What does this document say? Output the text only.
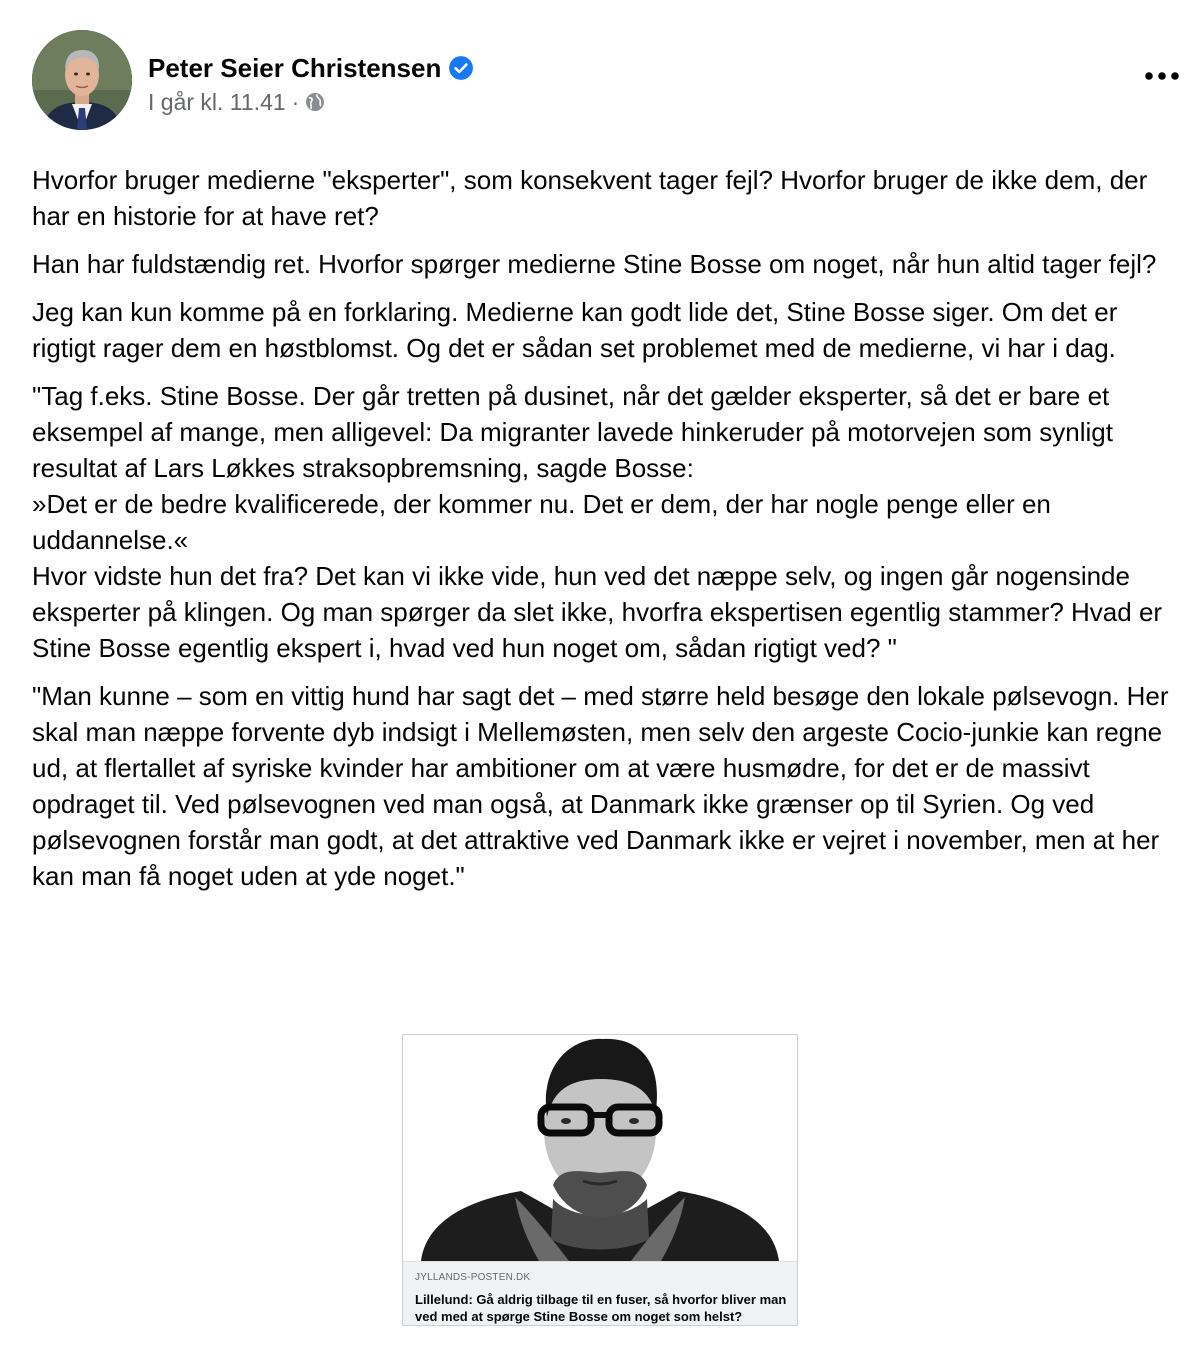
Peter Seier Christensen
I går kl. 11.41 ·

Hvorfor bruger medierne "eksperter", som konsekvent tager fejl? Hvorfor bruger de ikke dem, der har en historie for at have ret?

Han har fuldstændig ret. Hvorfor spørger medierne Stine Bosse om noget, når hun altid tager fejl?

Jeg kan kun komme på en forklaring. Medierne kan godt lide det, Stine Bosse siger. Om det er rigtigt rager dem en høstblomst. Og det er sådan set problemet med de medierne, vi har i dag.

"Tag f.eks. Stine Bosse. Der går tretten på dusinet, når det gælder eksperter, så det er bare et eksempel af mange, men alligevel: Da migranter lavede hinkeruder på motorvejen som synligt resultat af Lars Løkkes straksopbremsning, sagde Bosse:
»Det er de bedre kvalificerede, der kommer nu. Det er dem, der har nogle penge eller en uddannelse.«
Hvor vidste hun det fra? Det kan vi ikke vide, hun ved det næppe selv, og ingen går nogensinde eksperter på klingen. Og man spørger da slet ikke, hvorfra ekspertisen egentlig stammer? Hvad er Stine Bosse egentlig ekspert i, hvad ved hun noget om, sådan rigtigt ved? "

"Man kunne – som en vittig hund har sagt det – med større held besøge den lokale pølsevogn. Her skal man næppe forvente dyb indsigt i Mellemøsten, men selv den argeste Cocio-junkie kan regne ud, at flertallet af syriske kvinder har ambitioner om at være husmødre, for det er de massivt opdraget til. Ved pølsevognen ved man også, at Danmark ikke grænser op til Syrien. Og ved pølsevognen forstår man godt, at det attraktive ved Danmark ikke er vejret i november, men at her kan man få noget uden at yde noget."

JYLLANDS-POSTEN.DK
Lillelund: Gå aldrig tilbage til en fuser, så hvorfor bliver man ved med at spørge Stine Bosse om noget som helst?
